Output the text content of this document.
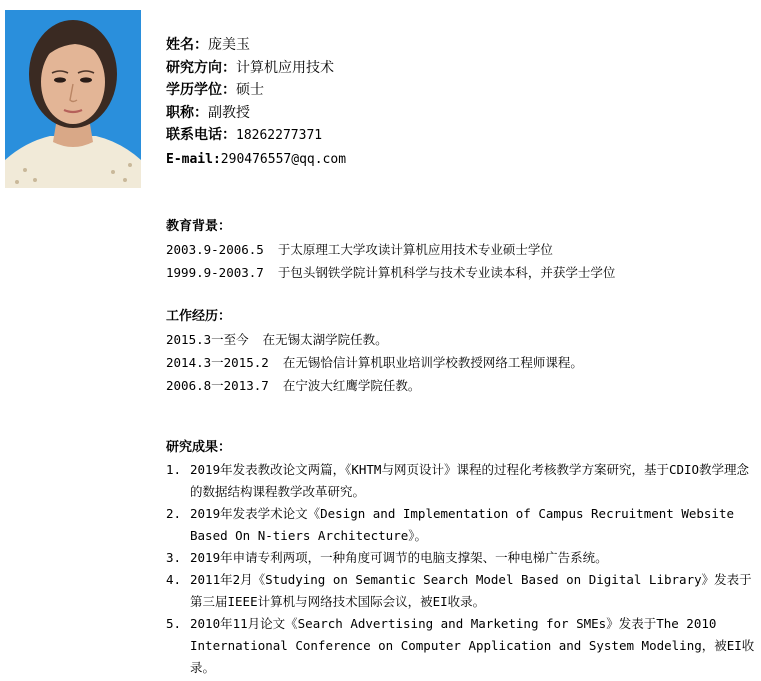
姓名：庞美玉
研究方向：计算机应用技术
学历学位：硕士
职称：副教授
联系电话：18262277371
E-mail:290476557@qq.com
教育背景：
2003.9-2006.5 于太原理工大学攻读计算机应用技术专业硕士学位
1999.9-2003.7 于包头钢铁学院计算机科学与技术专业读本科，并获学士学位
工作经历：
2015.3一至今 在无锡太湖学院任教。
2014.3一2015.2 在无锡恰信计算机职业培训学校教授网络工程师课程。
2006.8一2013.7 在宁波大红鹰学院任教。
研究成果：
1. 2019年发表教改论文两篇，《KHTM与网页设计》课程的过程化考核教学方案研究，基于CDIO教学理念的数据结构课程教学改革研究。
2. 2019年发表学术论文《Design and Implementation of Campus Recruitment Website Based On N-tiers Architecture》。
3. 2019年申请专利两项，一种角度可调节的电脑支撑架、一种电梯广告系统。
4. 2011年2月《Studying on Semantic Search Model Based on Digital Library》发表于第三届IEEE计算机与网络技术国际会议，被EI收录。
5. 2010年11月论文《Search Advertising and Marketing for SMEs》发表于The 2010 International Conference on Computer Application and System Modeling，被EI收录。
